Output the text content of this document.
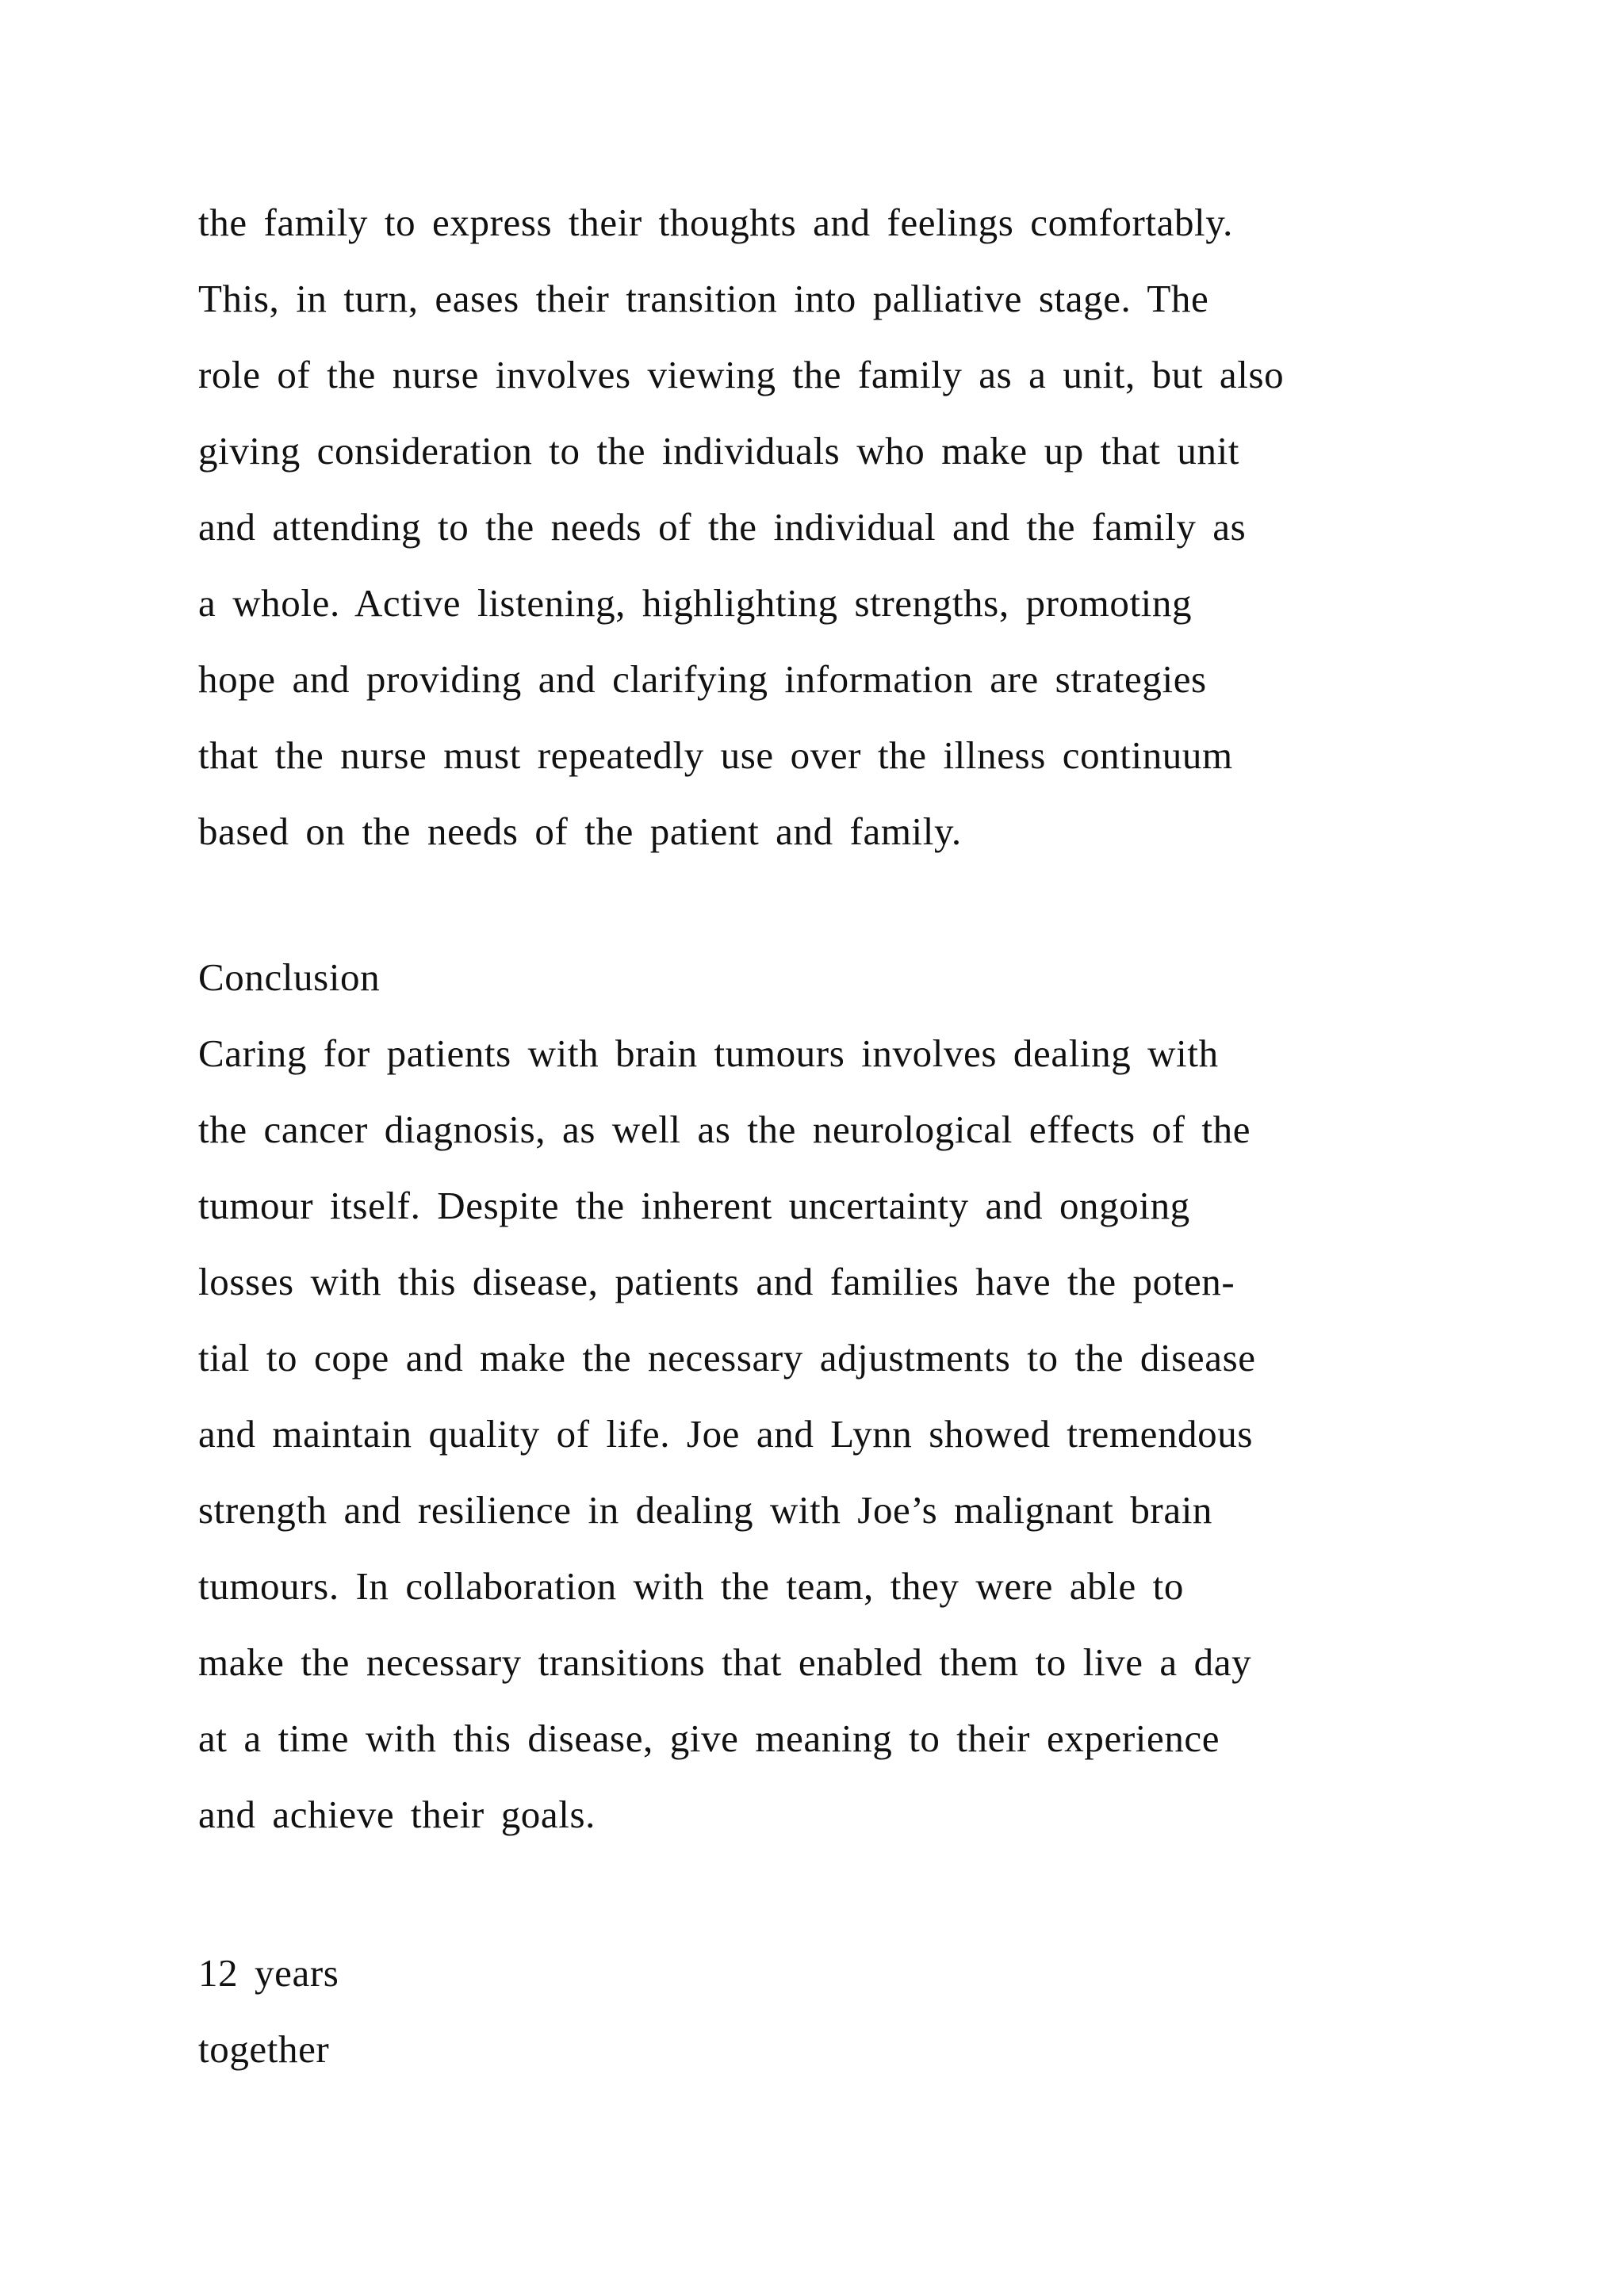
the family to express their thoughts and feelings comfortably.
This, in turn, eases their transition into palliative stage. The
role of the nurse involves viewing the family as a unit, but also
giving consideration to the individuals who make up that unit
and attending to the needs of the individual and the family as
a whole. Active listening, highlighting strengths, promoting
hope and providing and clarifying information are strategies
that the nurse must repeatedly use over the illness continuum
based on the needs of the patient and family.
Conclusion
Caring for patients with brain tumours involves dealing with
the cancer diagnosis, as well as the neurological effects of the
tumour itself. Despite the inherent uncertainty and ongoing
losses with this disease, patients and families have the poten-
tial to cope and make the necessary adjustments to the disease
and maintain quality of life. Joe and Lynn showed tremendous
strength and resilience in dealing with Joe’s malignant brain
tumours. In collaboration with the team, they were able to
make the necessary transitions that enabled them to live a day
at a time with this disease, give meaning to their experience
and achieve their goals.
12 years
together
